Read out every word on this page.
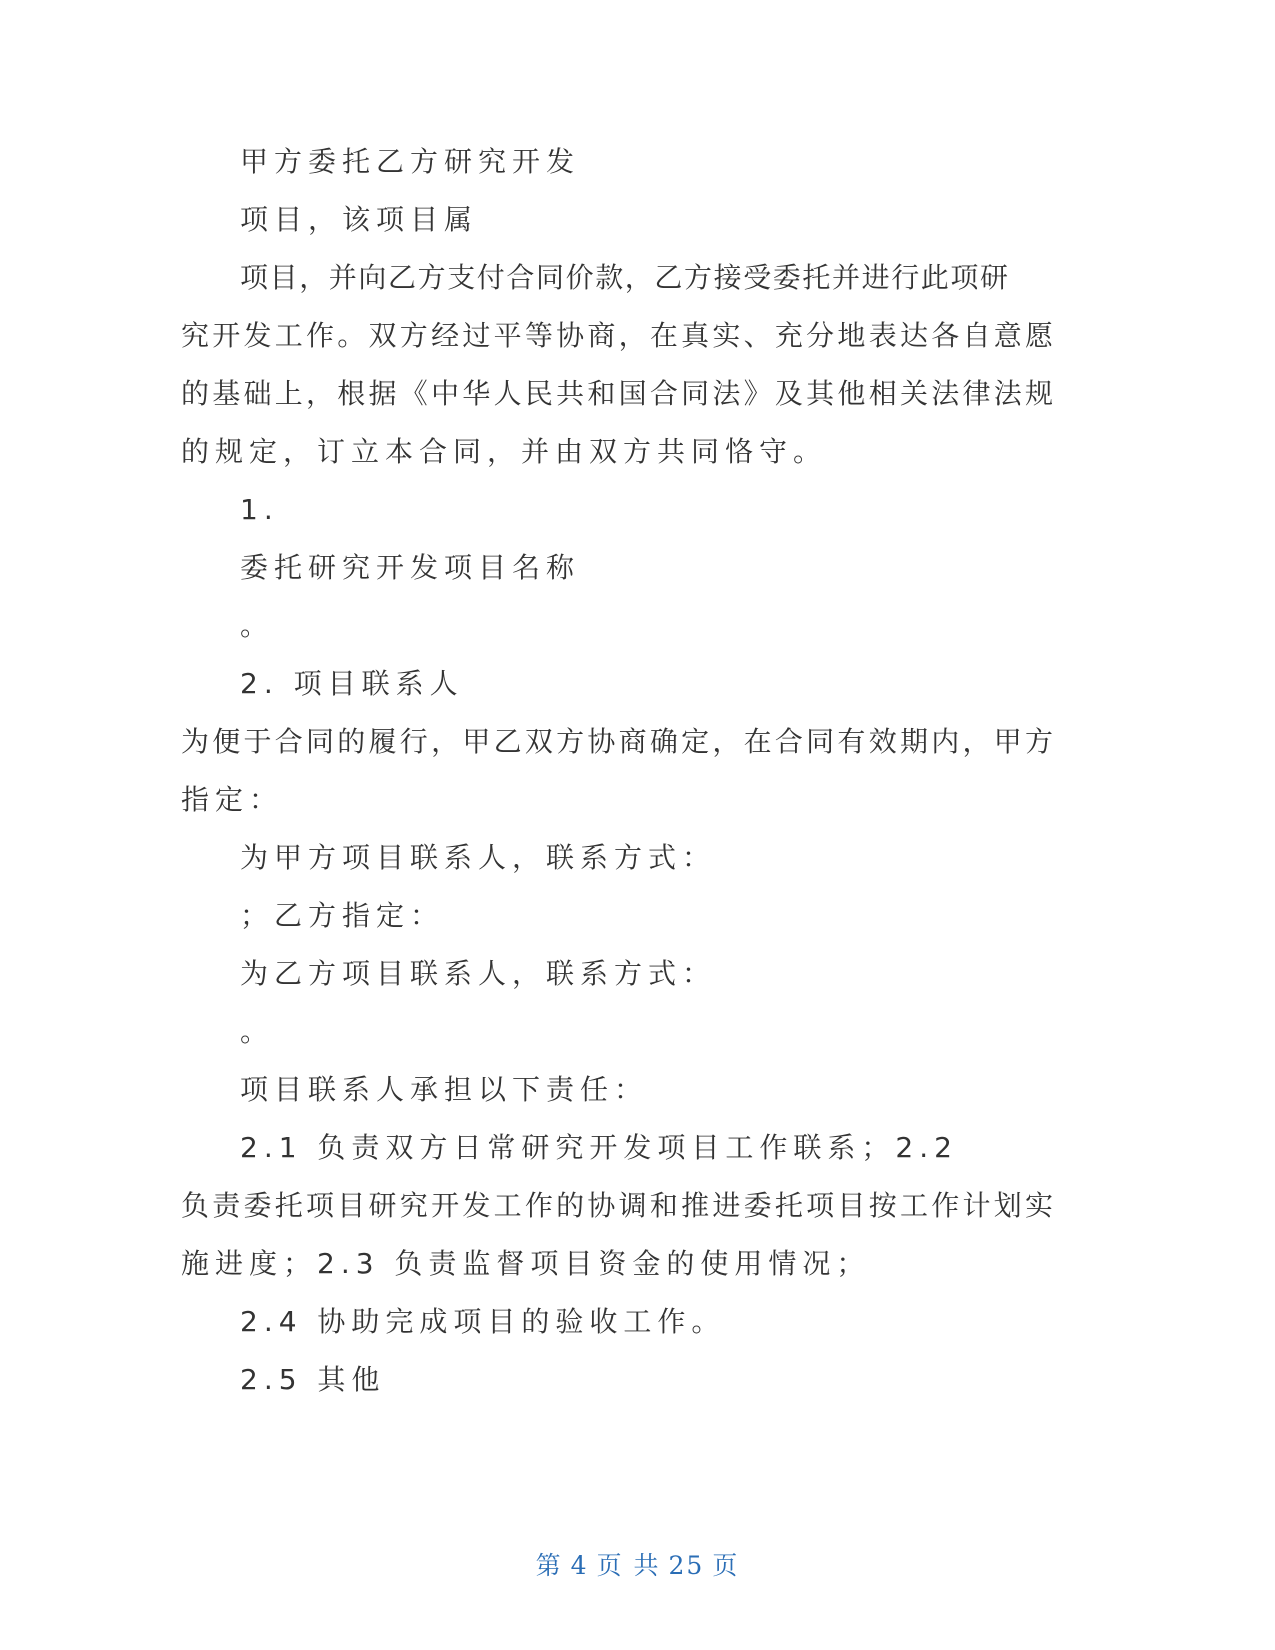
甲方委托乙方研究开发
项目，该项目属
项目，并向乙方支付合同价款，乙方接受委托并进行此项研
究开发工作。双方经过平等协商，在真实、充分地表达各自意愿
的基础上，根据《中华人民共和国合同法》及其他相关法律法规
的规定，订立本合同，并由双方共同恪守。
1.
委托研究开发项目名称
。
2. 项目联系人
为便于合同的履行，甲乙双方协商确定，在合同有效期内，甲方
指定：
为甲方项目联系人，联系方式：
；乙方指定：
为乙方项目联系人，联系方式：
。
项目联系人承担以下责任：
2.1 负责双方日常研究开发项目工作联系；2.2
负责委托项目研究开发工作的协调和推进委托项目按工作计划实
施进度；2.3 负责监督项目资金的使用情况；
2.4 协助完成项目的验收工作。
2.5 其他
第 4 页 共 25 页
